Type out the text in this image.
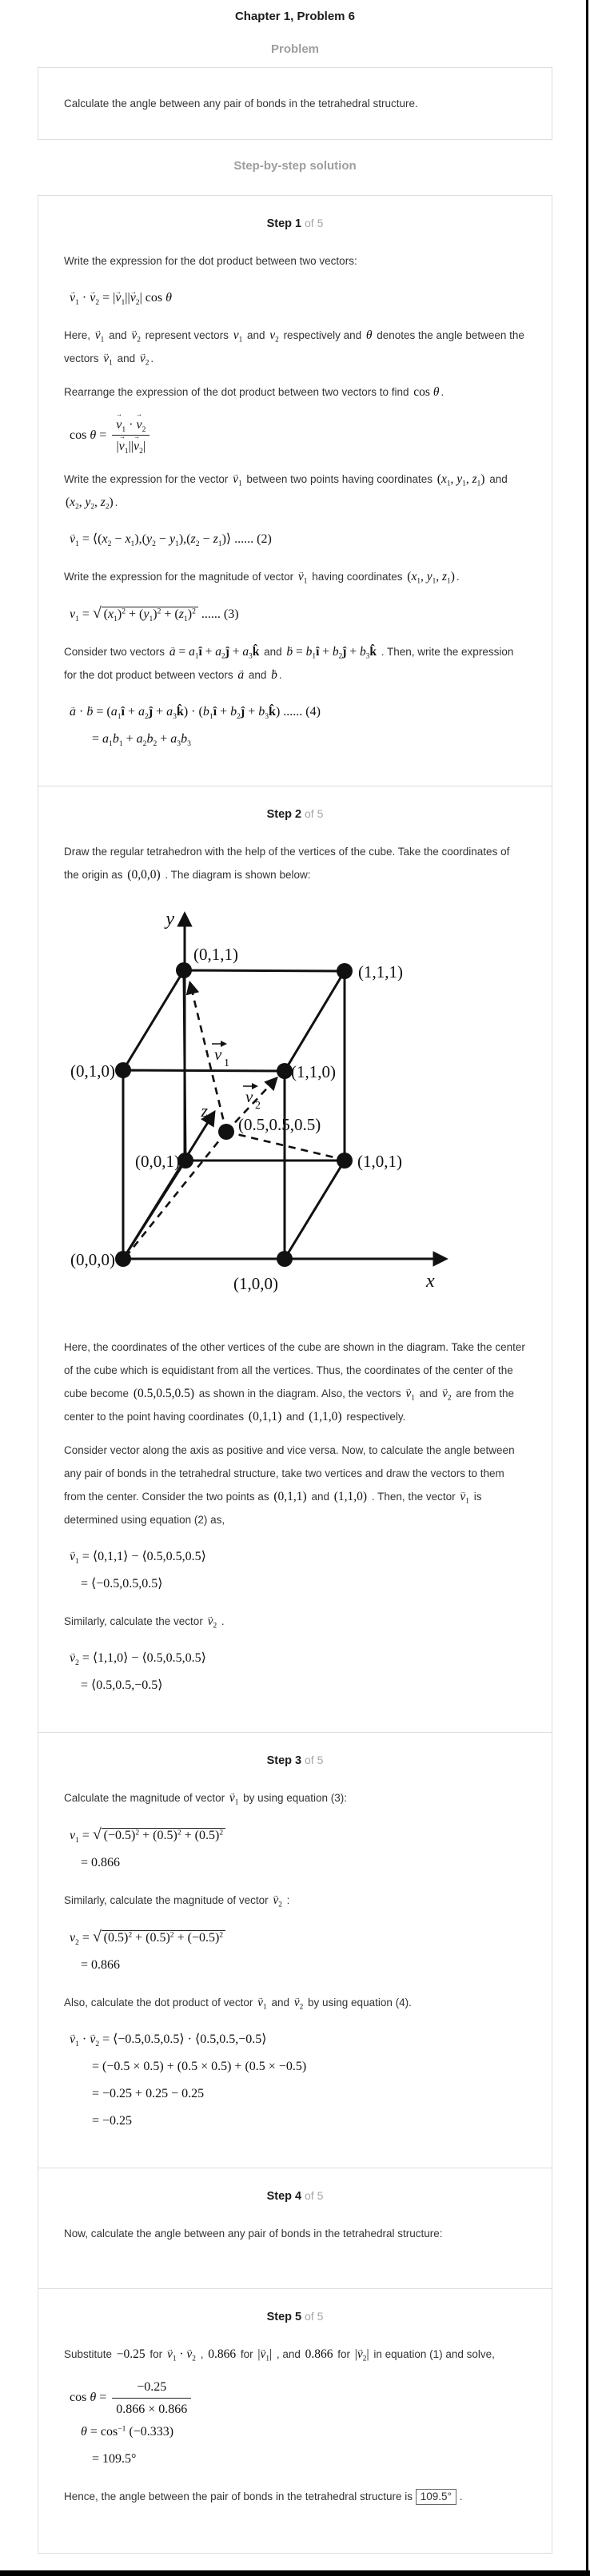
Chapter 1, Problem 6
Problem
Calculate the angle between any pair of bonds in the tetrahedral structure.
Step-by-step solution
Step 1 of 5
Write the expression for the dot product between two vectors:
→ $v_1$ · → $v_2$ = |→ $v_1||\to v_2|$ cos θ
Here, → $v_1$ and → $v_2$ represent vectors $v_1$ and $v_2$ respectively and θ denotes the angle between the vectors → $v_1$ and → $v_2$ .
Rearrange the expression of the dot product between two vectors to find cos θ .
cos θ = → $\frac{v_1 \cdot \to v_2}{|\to v_1||\to v_2|}$
Write the expression for the vector → $v_1$ between two points having coordinates ($x_1$, $y_1$, $z_1$) and ($x_2$, $y_2$, $z_2$) .
→ $v_1$ = $⟨(x_2 - x_1),(y_2 - y_1),(z_2$ − $z_1)⟩$ ...... (2)
Write the expression for the magnitude of vector → $v_1$ having coordinates ($x_1$, $y_1$, $z_1$) .
$v_1$ = √ $(x_1)^2 + (y_1)^2 + (z_1)^2$ ...... (3)
Consider two vectors → $a = a_1î$ + $a_2ĵ$ + $a_3k̂$ and → $b = b_1î$ + $b_2ĵ$ + $b_3k̂$ . Then, write the expression for the dot product between vectors → a and → b .
→ a · → $b = (a_1î$ + $a_2ĵ$ + $a_3k̂$) · ($b_1î$ + $b_2ĵ$ + $b_3k̂$) ...... (4)
= $a_1b_1 + a_2b_2 + a_3b_3$
Step 2 of 5
Draw the regular tetrahedron with the help of the vertices of the cube. Take the coordinates of the origin as (0,0,0) . The diagram is shown below:
y
x
z
(0,1,1)
(1,1,1)
(0,1,0)	(1,1,0)
(0.5,0.5,0.5)
(0,0,1)	(1,0,1)
(0,0,0)
(1,0,0)
v 1
v 2
Here, the coordinates of the other vertices of the cube are shown in the diagram. Take the center of the cube which is equidistant from all the vertices. Thus, the coordinates of the center of the cube become (0.5,0.5,0.5) as shown in the diagram. Also, the vectors → $v_1$ and → $v_2$ are from the center to the point having coordinates (0,1,1) and (1,1,0) respectively.
Consider vector along the axis as positive and vice versa. Now, to calculate the angle between any pair of bonds in the tetrahedral structure, take two vertices and draw the vectors to them from the center. Consider the two points as (0,1,1) and (1,1,0) . Then, the vector → $v_1$ is determined using equation (2) as,
→ $v_1$ = ⟨0,1,1⟩ − ⟨0.5,0.5,0.5⟩
= ⟨−0.5,0.5,0.5⟩
Similarly, calculate the vector → $v_2$ .
→ $v_2$ = ⟨1,1,0⟩ − ⟨0.5,0.5,0.5⟩
= ⟨0.5,0.5,−0.5⟩
Step 3 of 5
Calculate the magnitude of vector → $v_1$ by using equation (3):
$v_1$ = √ $(-0.5)^2 + (0.5)^2 + (0.5)^2$
= 0.866
Similarly, calculate the magnitude of vector → $v_2$ :
$v_2$ = √ $(0.5)^2 + (0.5)^2 + (-0.5)^2$
= 0.866
Also, calculate the dot product of vector → $v_1$ and → $v_2$ by using equation (4).
→ $v_1$ · → $v_2$ = ⟨−0.5,0.5,0.5⟩ · ⟨0.5,0.5,−0.5⟩
= (−0.5 × 0.5) + (0.5 × 0.5) + (0.5 × −0.5)
= −0.25 + 0.25 − 0.25
= −0.25
Step 4 of 5
Now, calculate the angle between any pair of bonds in the tetrahedral structure:
Step 5 of 5
Substitute −0.25 for → $v_1$ · → $v_2$ , 0.866 for |→ $v_1|$ , and 0.866 for |→ $v_2|$ in equation (1) and solve,
$\cos \theta = \frac{-0.25}{0.866 \times 0.866}$
$\theta = \cos^{-1} (-0.333)$
= 109.5°
Hence, the angle between the pair of bonds in the tetrahedral structure is 109.5° .
